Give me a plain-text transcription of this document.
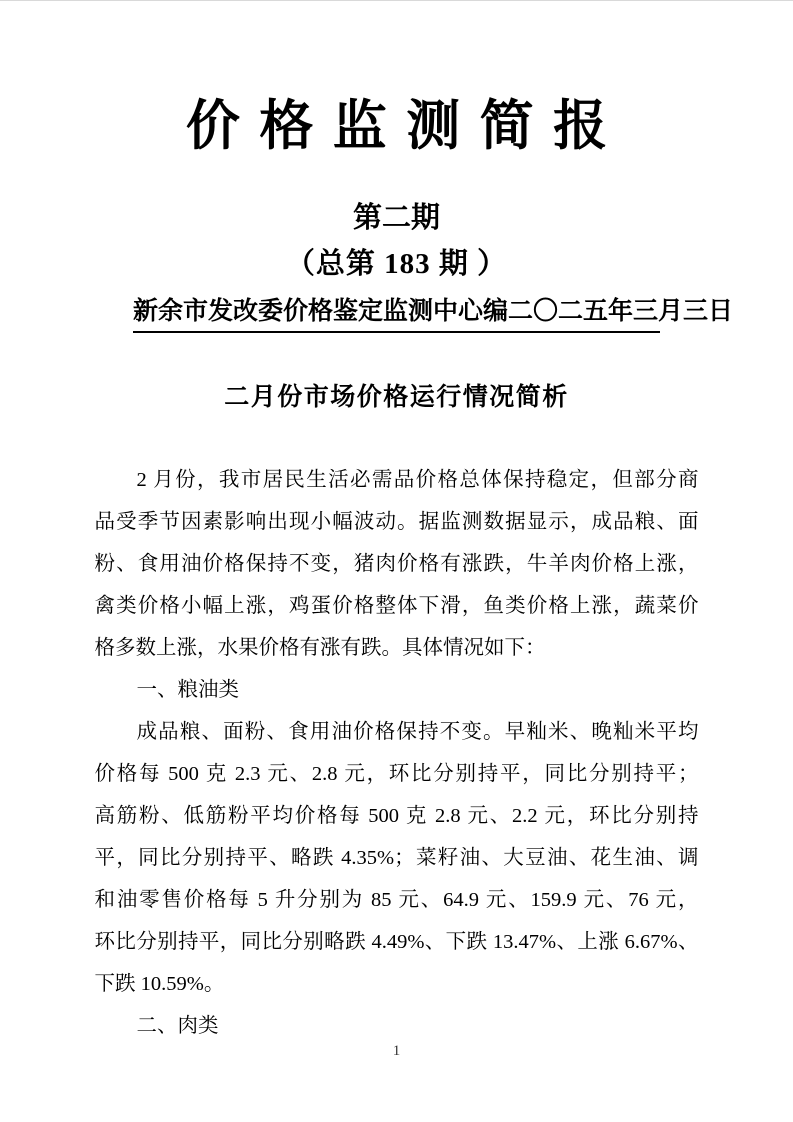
价格监测简报
第二期
（总第 183 期 ）
新余市发改委价格鉴定监测中心编 二〇二五年三月三日
二月份市场价格运行情况简析
2 月份，我市居民生活必需品价格总体保持稳定，但部分商
品受季节因素影响出现小幅波动。据监测数据显示，成品粮、面
粉、食用油价格保持不变，猪肉价格有涨跌，牛羊肉价格上涨，
禽类价格小幅上涨，鸡蛋价格整体下滑，鱼类价格上涨，蔬菜价
格多数上涨，水果价格有涨有跌。具体情况如下：
一、粮油类
成品粮、面粉、食用油价格保持不变。早籼米、晚籼米平均
价格每 500 克 2.3 元、2.8 元，环比分别持平，同比分别持平；
高筋粉、低筋粉平均价格每 500 克 2.8 元、2.2 元，环比分别持
平，同比分别持平、略跌 4.35%；菜籽油、大豆油、花生油、调
和油零售价格每 5 升分别为 85 元、64.9 元、159.9 元、76 元，
环比分别持平，同比分别略跌 4.49%、下跌 13.47%、上涨 6.67%、
下跌 10.59%。
二、肉类
1
